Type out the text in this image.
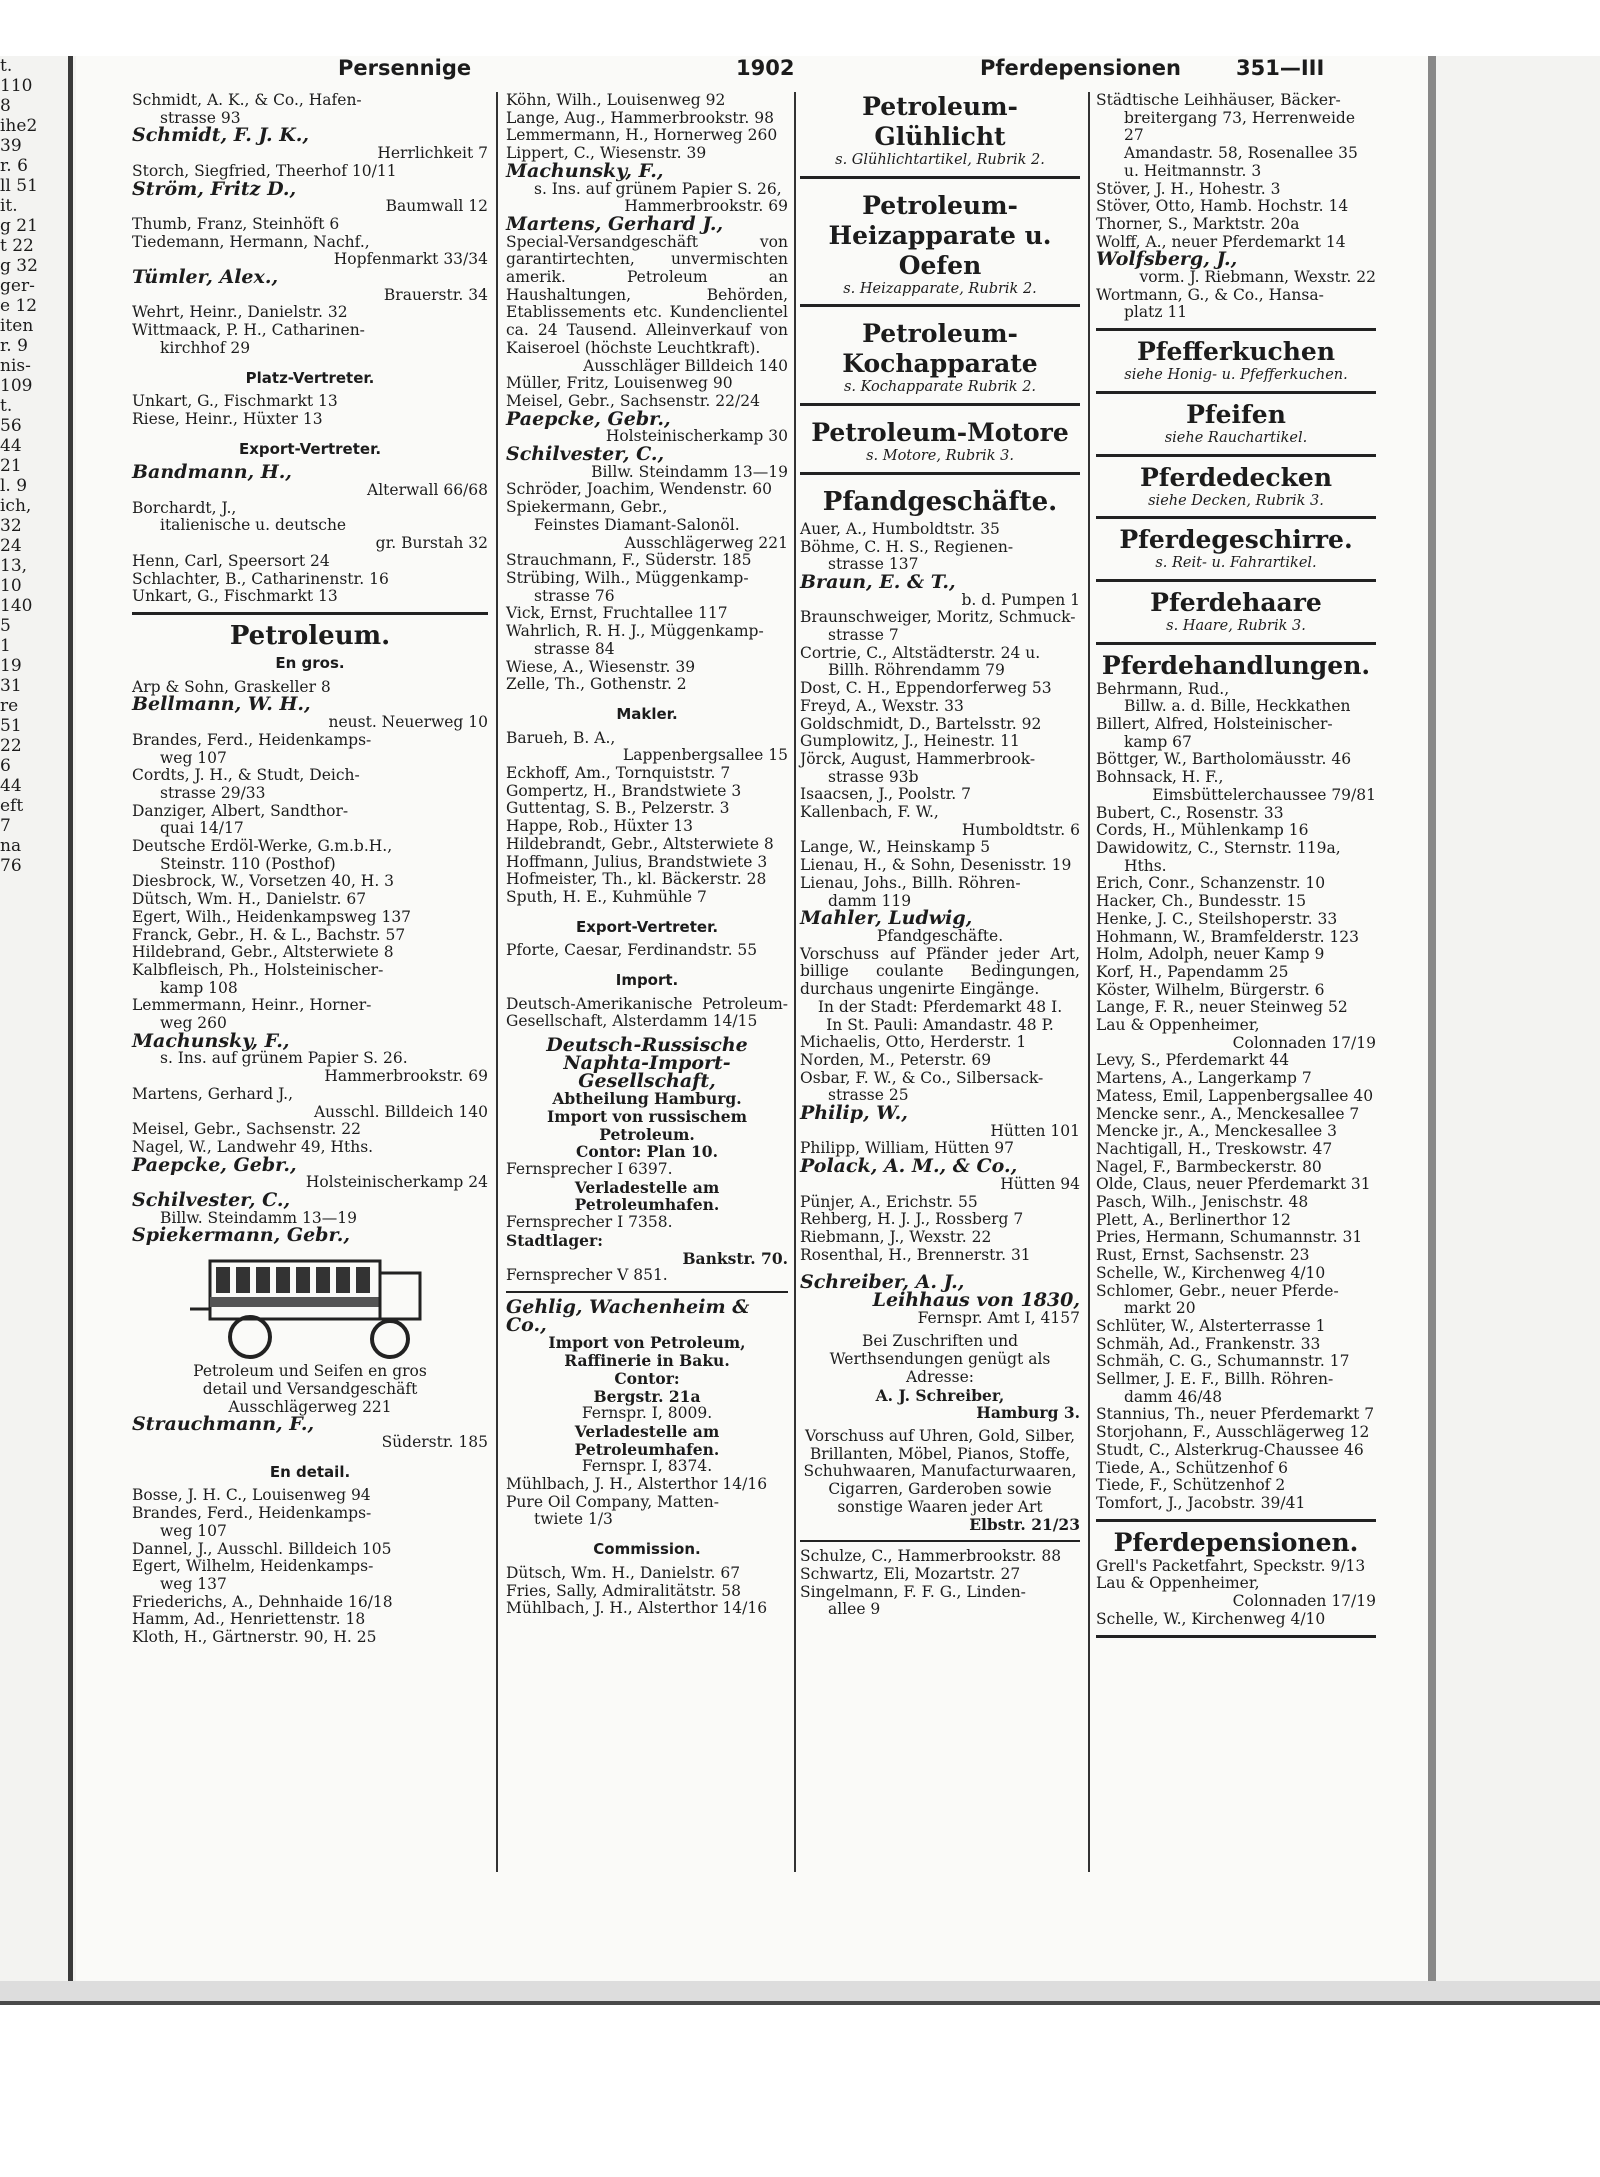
t.
110
8
ihe2
39
r. 6
ll 51
it.
g 21
t 22
g 32
ger-
e 12
iten
r. 9
nis-
109
t.
56
44
21
l. 9
ich,
32
24
13,
10
140
5
1
19
31
re
51
22
6
44
eft
7
na
76
Persennige	1902	Pferdepensionen	351—III
Schmidt, A. K., & Co., Hafen-
strasse 93
Schmidt, F. J. K.,
Herrlichkeit 7
Storch, Siegfried, Theerhof 10/11
Ström, Fritz D.,
Baumwall 12
Thumb, Franz, Steinhöft 6
Tiedemann, Hermann, Nachf.,
Hopfenmarkt 33/34
Tümler, Alex.,
Brauerstr. 34
Wehrt, Heinr., Danielstr. 32
Wittmaack, P. H., Catharinen-
kirchhof 29
Platz-Vertreter.
Unkart, G., Fischmarkt 13
Riese, Heinr., Hüxter 13
Export-Vertreter.
Bandmann, H.,
Alterwall 66/68
Borchardt, J.,
italienische u. deutsche
gr. Burstah 32
Henn, Carl, Speersort 24
Schlachter, B., Catharinenstr. 16
Unkart, G., Fischmarkt 13
Petroleum.
En gros.
Arp & Sohn, Graskeller 8
Bellmann, W. H.,
neust. Neuerweg 10
Brandes, Ferd., Heidenkamps-
weg 107
Cordts, J. H., & Studt, Deich-
strasse 29/33
Danziger, Albert, Sandthor-
quai 14/17
Deutsche Erdöl-Werke, G.m.b.H.,
Steinstr. 110 (Posthof)
Diesbrock, W., Vorsetzen 40, H. 3
Dütsch, Wm. H., Danielstr. 67
Egert, Wilh., Heidenkampsweg 137
Franck, Gebr., H. & L., Bachstr. 57
Hildebrand, Gebr., Altsterwiete 8
Kalbfleisch, Ph., Holsteinischer-
kamp 108
Lemmermann, Heinr., Horner-
weg 260
Machunsky, F.,
s. Ins. auf grünem Papier S. 26.
Hammerbrookstr. 69
Martens, Gerhard J.,
Ausschl. Billdeich 140
Meisel, Gebr., Sachsenstr. 22
Nagel, W., Landwehr 49, Hths.
Paepcke, Gebr.,
Holsteinischerkamp 24
Schilvester, C.,
Billw. Steindamm 13—19
Spiekermann, Gebr.,
Petroleum und Seifen en gros
detail und Versandgeschäft
Ausschlägerweg 221
Strauchmann, F.,
Süderstr. 185
En detail.
Bosse, J. H. C., Louisenweg 94
Brandes, Ferd., Heidenkamps-
weg 107
Dannel, J., Ausschl. Billdeich 105
Egert, Wilhelm, Heidenkamps-
weg 137
Friederichs, A., Dehnhaide 16/18
Hamm, Ad., Henriettenstr. 18
Kloth, H., Gärtnerstr. 90, H. 25
Köhn, Wilh., Louisenweg 92
Lange, Aug., Hammerbrookstr. 98
Lemmermann, H., Hornerweg 260
Lippert, C., Wiesenstr. 39
Machunsky, F.,
s. Ins. auf grünem Papier S. 26,
Hammerbrookstr. 69
Martens, Gerhard J.,
Special-Versandgeschäft von garantirtechten, unvermischten amerik. Petroleum an Haushaltungen, Behörden, Etablissements etc. Kundenclientel ca. 24 Tausend. Alleinverkauf von Kaiseroel (höchste Leuchtkraft).
Ausschläger Billdeich 140
Müller, Fritz, Louisenweg 90
Meisel, Gebr., Sachsenstr. 22/24
Paepcke, Gebr.,
Holsteinischerkamp 30
Schilvester, C.,
Billw. Steindamm 13—19
Schröder, Joachim, Wendenstr. 60
Spiekermann, Gebr.,
Feinstes Diamant-Salonöl.
Ausschlägerweg 221
Strauchmann, F., Süderstr. 185
Strübing, Wilh., Müggenkamp-
strasse 76
Vick, Ernst, Fruchtallee 117
Wahrlich, R. H. J., Müggenkamp-
strasse 84
Wiese, A., Wiesenstr. 39
Zelle, Th., Gothenstr. 2
Makler.
Barueh, B. A.,
Lappenbergsallee 15
Eckhoff, Am., Tornquiststr. 7
Gompertz, H., Brandstwiete 3
Guttentag, S. B., Pelzerstr. 3
Happe, Rob., Hüxter 13
Hildebrandt, Gebr., Altsterwiete 8
Hoffmann, Julius, Brandstwiete 3
Hofmeister, Th., kl. Bäckerstr. 28
Sputh, H. E., Kuhmühle 7
Export-Vertreter.
Pforte, Caesar, Ferdinandstr. 55
Import.
Deutsch-Amerikanische Petroleum-Gesellschaft, Alsterdamm 14/15
Deutsch-Russische Naphta-Import-Gesellschaft,
Abtheilung Hamburg.
Import von russischem
Petroleum.
Contor: Plan 10.
Fernsprecher I 6397.
Verladestelle am
Petroleumhafen.
Fernsprecher I 7358.
Stadtlager:
Bankstr. 70.
Fernsprecher V 851.
Gehlig, Wachenheim & Co.,
Import von Petroleum,
Raffinerie in Baku.
Contor:
Bergstr. 21a
Fernspr. I, 8009.
Verladestelle am
Petroleumhafen.
Fernspr. I, 8374.
Mühlbach, J. H., Alsterthor 14/16
Pure Oil Company, Matten-
twiete 1/3
Commission.
Dütsch, Wm. H., Danielstr. 67
Fries, Sally, Admiralitätstr. 58
Mühlbach, J. H., Alsterthor 14/16
Petroleum-Glühlicht
s. Glühlichtartikel, Rubrik 2.
Petroleum-Heizapparate u. Oefen
s. Heizapparate, Rubrik 2.
Petroleum-Kochapparate
s. Kochapparate Rubrik 2.
Petroleum-Motore
s. Motore, Rubrik 3.
Pfandgeschäfte.
Auer, A., Humboldtstr. 35
Böhme, C. H. S., Regienen-
strasse 137
Braun, E. & T.,
b. d. Pumpen 1
Braunschweiger, Moritz, Schmuck-
strasse 7
Cortrie, C., Altstädterstr. 24 u.
Billh. Röhrendamm 79
Dost, C. H., Eppendorferweg 53
Freyd, A., Wexstr. 33
Goldschmidt, D., Bartelsstr. 92
Gumplowitz, J., Heinestr. 11
Jörck, August, Hammerbrook-
strasse 93b
Isaacsen, J., Poolstr. 7
Kallenbach, F. W.,
Humboldtstr. 6
Lange, W., Heinskamp 5
Lienau, H., & Sohn, Desenisstr. 19
Lienau, Johs., Billh. Röhren-
damm 119
Mahler, Ludwig,
Pfandgeschäfte.
Vorschuss auf Pfänder jeder Art, billige coulante Bedingungen, durchaus ungenirte Eingänge.
In der Stadt: Pferdemarkt 48 I.
In St. Pauli: Amandastr. 48 P.
Michaelis, Otto, Herderstr. 1
Norden, M., Peterstr. 69
Osbar, F. W., & Co., Silbersack-
strasse 25
Philip, W.,
Hütten 101
Philipp, William, Hütten 97
Polack, A. M., & Co.,
Hütten 94
Pünjer, A., Erichstr. 55
Rehberg, H. J. J., Rossberg 7
Riebmann, J., Wexstr. 22
Rosenthal, H., Brennerstr. 31
Schreiber, A. J.,
Leihhaus von 1830,
Fernspr. Amt I, 4157
Bei Zuschriften und Werthsendungen genügt als Adresse:
A. J. Schreiber,
Hamburg 3.
Vorschuss auf Uhren, Gold, Silber, Brillanten, Möbel, Pianos, Stoffe, Schuhwaaren, Manufacturwaaren, Cigarren, Garderoben sowie sonstige Waaren jeder Art
Elbstr. 21/23
Schulze, C., Hammerbrookstr. 88
Schwartz, Eli, Mozartstr. 27
Singelmann, F. F. G., Linden-
allee 9
Städtische Leihhäuser, Bäcker-
breitergang 73, Herrenweide 27
Amandastr. 58, Rosenallee 35
u. Heitmannstr. 3
Stöver, J. H., Hohestr. 3
Stöver, Otto, Hamb. Hochstr. 14
Thorner, S., Marktstr. 20a
Wolff, A., neuer Pferdemarkt 14
Wolfsberg, J.,
vorm. J. Riebmann, Wexstr. 22
Wortmann, G., & Co., Hansa-
platz 11
Pfefferkuchen
siehe Honig- u. Pfefferkuchen.
Pfeifen
siehe Rauchartikel.
Pferdedecken
siehe Decken, Rubrik 3.
Pferdegeschirre.
s. Reit- u. Fahrartikel.
Pferdehaare
s. Haare, Rubrik 3.
Pferdehandlungen.
Behrmann, Rud.,
Billw. a. d. Bille, Heckkathen
Billert, Alfred, Holsteinischer-
kamp 67
Böttger, W., Bartholomäusstr. 46
Bohnsack, H. F.,
Eimsbüttelerchaussee 79/81
Bubert, C., Rosenstr. 33
Cords, H., Mühlenkamp 16
Dawidowitz, C., Sternstr. 119a,
Hths.
Erich, Conr., Schanzenstr. 10
Hacker, Ch., Bundesstr. 15
Henke, J. C., Steilshoperstr. 33
Hohmann, W., Bramfelderstr. 123
Holm, Adolph, neuer Kamp 9
Korf, H., Papendamm 25
Köster, Wilhelm, Bürgerstr. 6
Lange, F. R., neuer Steinweg 52
Lau & Oppenheimer,
Colonnaden 17/19
Levy, S., Pferdemarkt 44
Martens, A., Langerkamp 7
Matess, Emil, Lappenbergsallee 40
Mencke senr., A., Menckesallee 7
Mencke jr., A., Menckesallee 3
Nachtigall, H., Treskowstr. 47
Nagel, F., Barmbeckerstr. 80
Olde, Claus, neuer Pferdemarkt 31
Pasch, Wilh., Jenischstr. 48
Plett, A., Berlinerthor 12
Pries, Hermann, Schumannstr. 31
Rust, Ernst, Sachsenstr. 23
Schelle, W., Kirchenweg 4/10
Schlomer, Gebr., neuer Pferde-
markt 20
Schlüter, W., Alsterterrasse 1
Schmäh, Ad., Frankenstr. 33
Schmäh, C. G., Schumannstr. 17
Sellmer, J. E. F., Billh. Röhren-
damm 46/48
Stannius, Th., neuer Pferdemarkt 7
Storjohann, F., Ausschlägerweg 12
Studt, C., Alsterkrug-Chaussee 46
Tiede, A., Schützenhof 6
Tiede, F., Schützenhof 2
Tomfort, J., Jacobstr. 39/41
Pferdepensionen.
Grell's Packetfahrt, Speckstr. 9/13
Lau & Oppenheimer,
Colonnaden 17/19
Schelle, W., Kirchenweg 4/10
